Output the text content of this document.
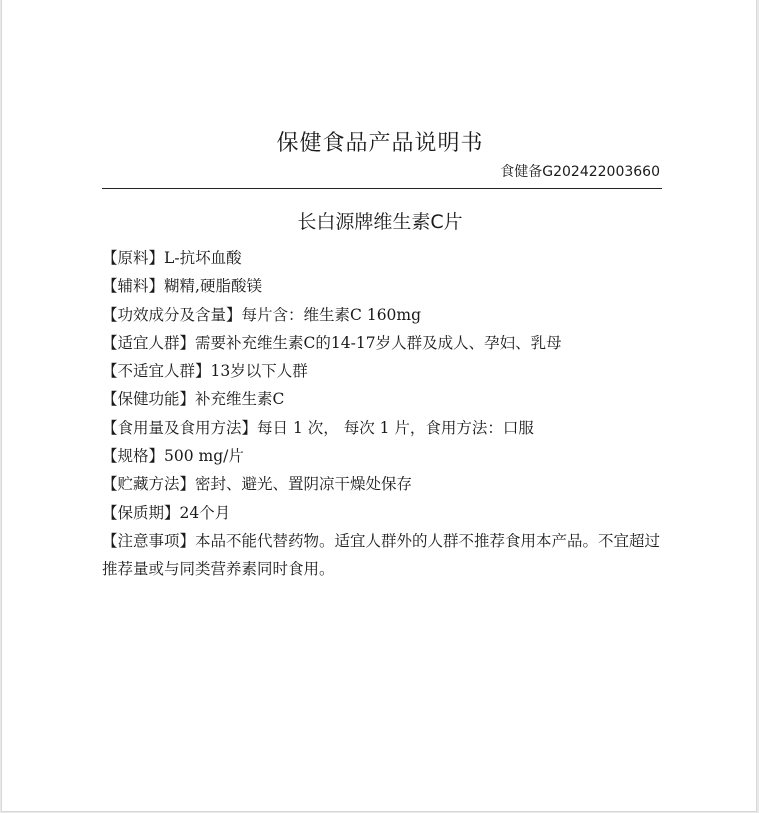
保健食品产品说明书
食健备G202422003660
长白源牌维生素C片
【 原料 】 L-抗坏血酸
【 辅料 】 糊精,硬脂酸镁
【 功效成分及含量 】 每片含：维生素C 160mg
【 适宜人群 】 需要补充维生素C的14-17岁人群及成人、孕妇、乳母
【 不适宜人群 】 13岁以下人群
【 保健功能 】 补充维生素C
【 食用量及食用方法 】 每日 1 次， 每次 1 片，食用方法：口服
【 规格 】 500 mg/片
【 贮藏方法 】 密封、避光、置阴凉干燥处保存
【 保质期 】 24个月
【 注意事项 】 本品不能代替药物。适宜人群外的人群不推荐食用本产品。不宜超过推荐量或与同类营养素同时食用。
